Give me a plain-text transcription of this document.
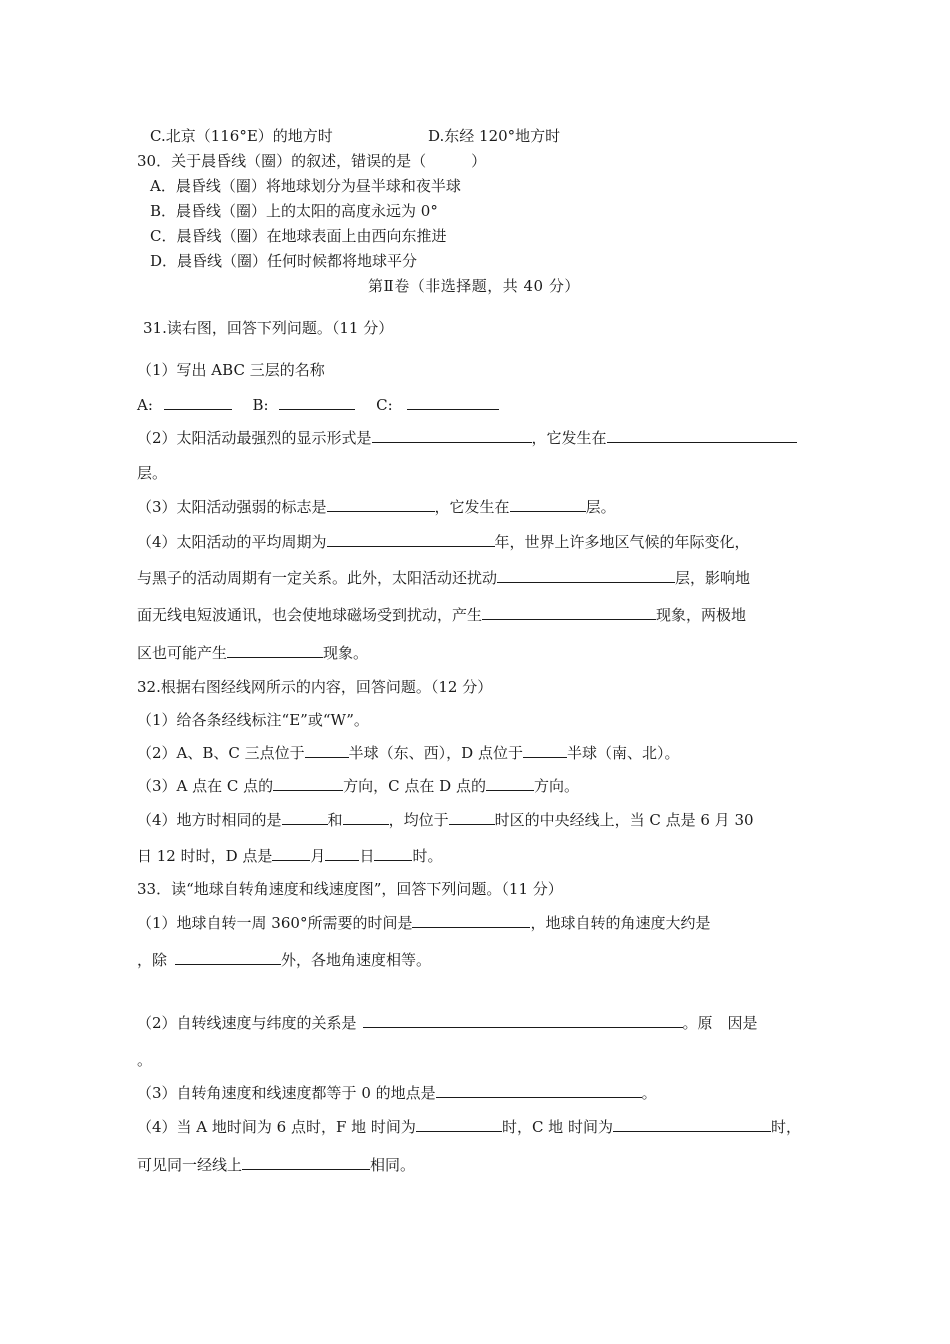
C.北京（116°E）的地方时	D.东经 120°地方时
30．关于晨昏线（圈）的叙述，错误的是（　　　）
A．晨昏线（圈）将地球划分为昼半球和夜半球
B．晨昏线（圈）上的太阳的高度永远为 0°
C．晨昏线（圈）在地球表面上由西向东推进
D．晨昏线（圈）任何时候都将地球平分
第Ⅱ卷（非选择题，共 40 分）
31.读右图，回答下列问题。（11 分）
（1）写出 ABC 三层的名称
A:	B:	C:
（2）太阳活动最强烈的显示形式是	，它发生在
层。
（3）太阳活动强弱的标志是	，它发生在	层。
（4）太阳活动的平均周期为	年，世界上许多地区气候的年际变化，
与黑子的活动周期有一定关系。此外，太阳活动还扰动	层，影响地
面无线电短波通讯，也会使地球磁场受到扰动，产生	现象，两极地
区也可能产生	现象。
32.根据右图经线网所示的内容，回答问题。（12 分）
（1）给各条经线标注“E”或“W”。
（2）A、B、C 三点位于	半球（东、西），D 点位于	半球（南、北）。
（3）A 点在 C 点的	方向，C 点在 D 点的	方向。
（4）地方时相同的是	和	，均位于	时区的中央经线上，当 C 点是 6 月 30
日 12 时时，D 点是	月 日	时。
33．读“地球自转角速度和线速度图”，回答下列问题。（11 分）
（1）地球自转一周 360°所需要的时间是	，地球自转的角速度大约是
，除	外，各地角速度相等。
（2）自转线速度与纬度的关系是	。原　因是
。
（3）自转角速度和线速度都等于 0 的地点是	。
（4）当 A 地时间为 6 点时，F 地 时间为	时，C 地 时间为	时，
可见同一经线上	相同。
